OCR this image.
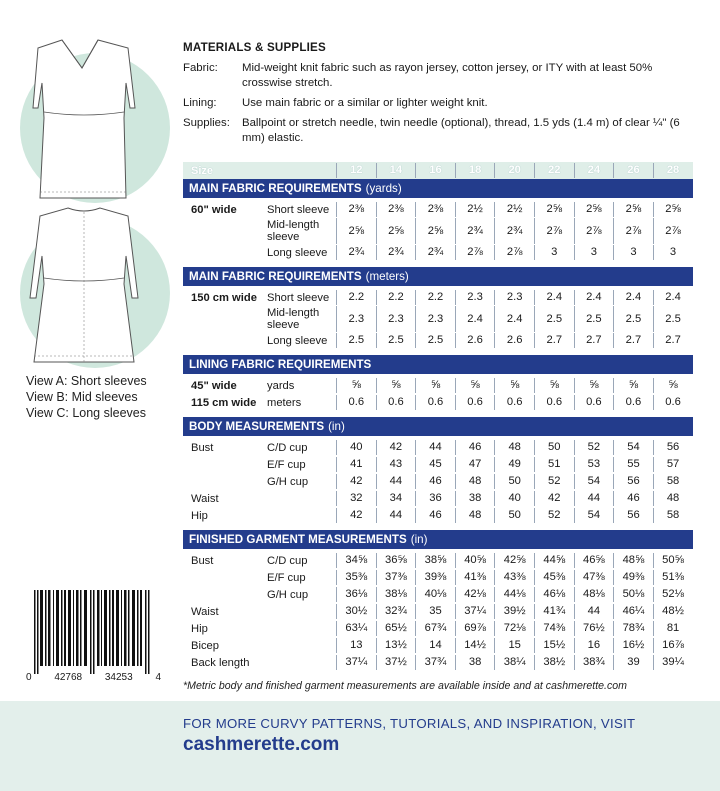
View A: Short sleeves
View B: Mid sleeves
View C: Long sleeves
0 42768 34253 4
MATERIALS & SUPPLIES
Fabric:	Mid-weight knit fabric such as rayon jersey, cotton jersey, or ITY with at least 50% crosswise stretch.
Lining:	Use main fabric or a similar or lighter weight knit.
Supplies:	Ballpoint or stretch needle, twin needle (optional), thread, 1.5 yds (1.4 m) of clear ¼" (6 mm) elastic.
Size	12	14	16	18	20	22	24	26	28
MAIN FABRIC REQUIREMENTS (yards)
60" wide	Short sleeve	2⅜	2⅜	2⅜	2½	2½	2⅝	2⅝	2⅝	2⅝
Mid-length sleeve	2⅝	2⅝	2⅝	2¾	2¾	2⅞	2⅞	2⅞	2⅞
Long sleeve	2¾	2¾	2¾	2⅞	2⅞	3	3	3	3
MAIN FABRIC REQUIREMENTS (meters)
150 cm wide Short sleeve	2.2	2.2	2.2	2.3	2.3	2.4	2.4	2.4	2.4
Mid-length sleeve	2.3	2.3	2.3	2.4	2.4	2.5	2.5	2.5	2.5
Long sleeve	2.5	2.5	2.5	2.6	2.6	2.7	2.7	2.7	2.7
LINING FABRIC REQUIREMENTS
45" wide	yards	⅝	⅝	⅝	⅝	⅝	⅝	⅝	⅝	⅝
115 cm wide meters	0.6	0.6	0.6	0.6	0.6	0.6	0.6	0.6	0.6
BODY MEASUREMENTS (in)
Bust	C/D cup	40	42	44	46	48	50	52	54	56
E/F cup	41	43	45	47	49	51	53	55	57
G/H cup	42	44	46	48	50	52	54	56	58
Waist	32	34	36	38	40	42	44	46	48
Hip	42	44	46	48	50	52	54	56	58
FINISHED GARMENT MEASUREMENTS (in)
Bust	C/D cup	34⅝	36⅝	38⅝	40⅝	42⅝	44⅝	46⅝	48⅝	50⅝
E/F cup	35⅜	37⅜	39⅜	41⅜	43⅜	45⅜	47⅜	49⅜	51⅜
G/H cup	36⅛	38⅛	40⅛	42⅛	44⅛	46⅛	48⅛	50⅛	52⅛
Waist	30½	32¾	35	37¼	39½	41¾	44	46¼	48½
Hip	63¼	65½	67¾	69⅞	72⅛	74⅜	76½	78¾	81
Bicep	13	13½	14	14½	15	15½	16	16½	16⅞
Back length	37¼	37½	37¾	38	38¼	38½	38¾	39	39¼
*Metric body and finished garment measurements are available inside and at cashmerette.com
FOR MORE CURVY PATTERNS, TUTORIALS, AND INSPIRATION, VISIT
cashmerette.com
